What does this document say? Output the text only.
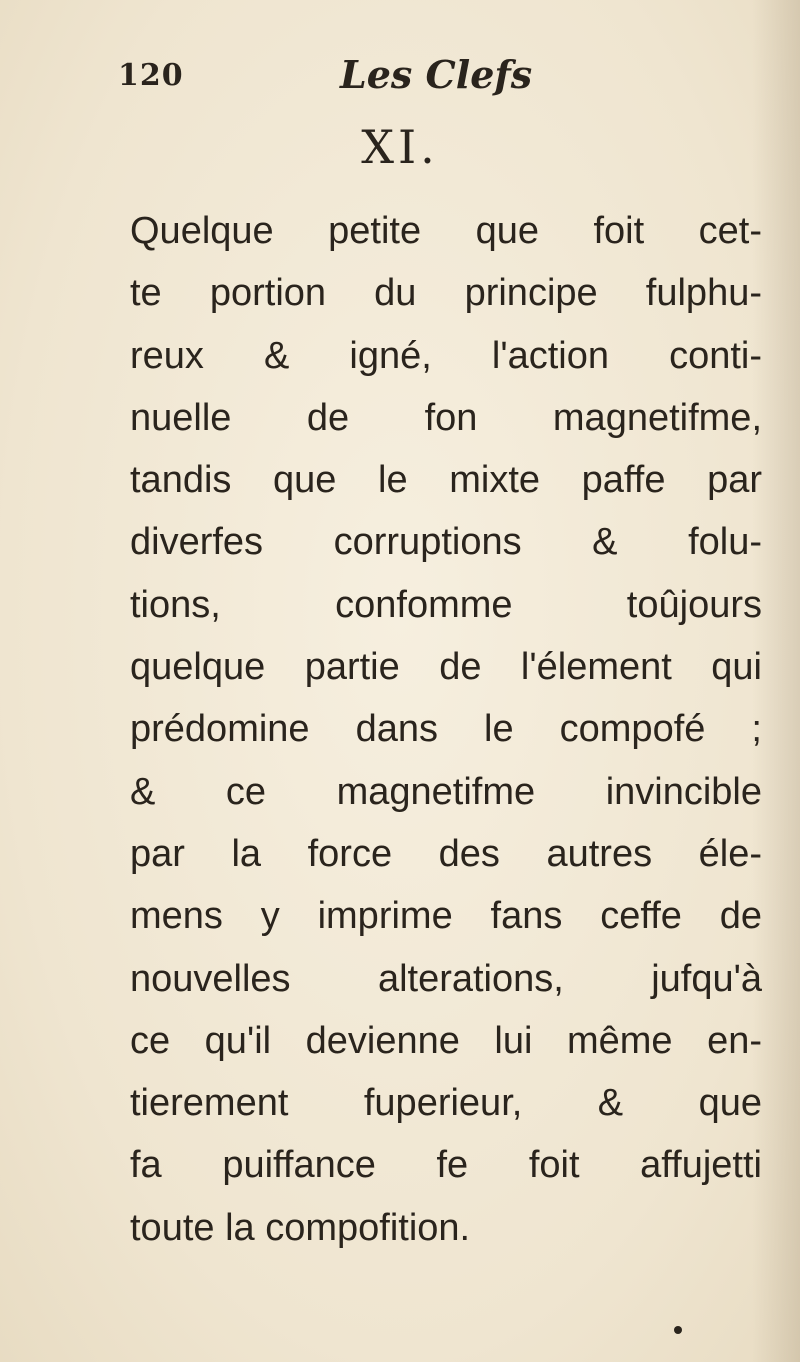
120	Les Clefs
XI.
Quelque petite que foit cet-
te portion du principe fulphu-
reux & igné, l'action conti-
nuelle de fon magnetifme,
tandis que le mixte paffe par
diverfes corruptions & folu-
tions, confomme toûjours
quelque partie de l'élement qui
prédomine dans le compofé ;
& ce magnetifme invincible
par la force des autres éle-
mens y imprime fans ceffe de
nouvelles alterations, jufqu'à
ce qu'il devienne lui même en-
tierement fuperieur, & que
fa puiffance fe foit affujetti
toute la compofition.
